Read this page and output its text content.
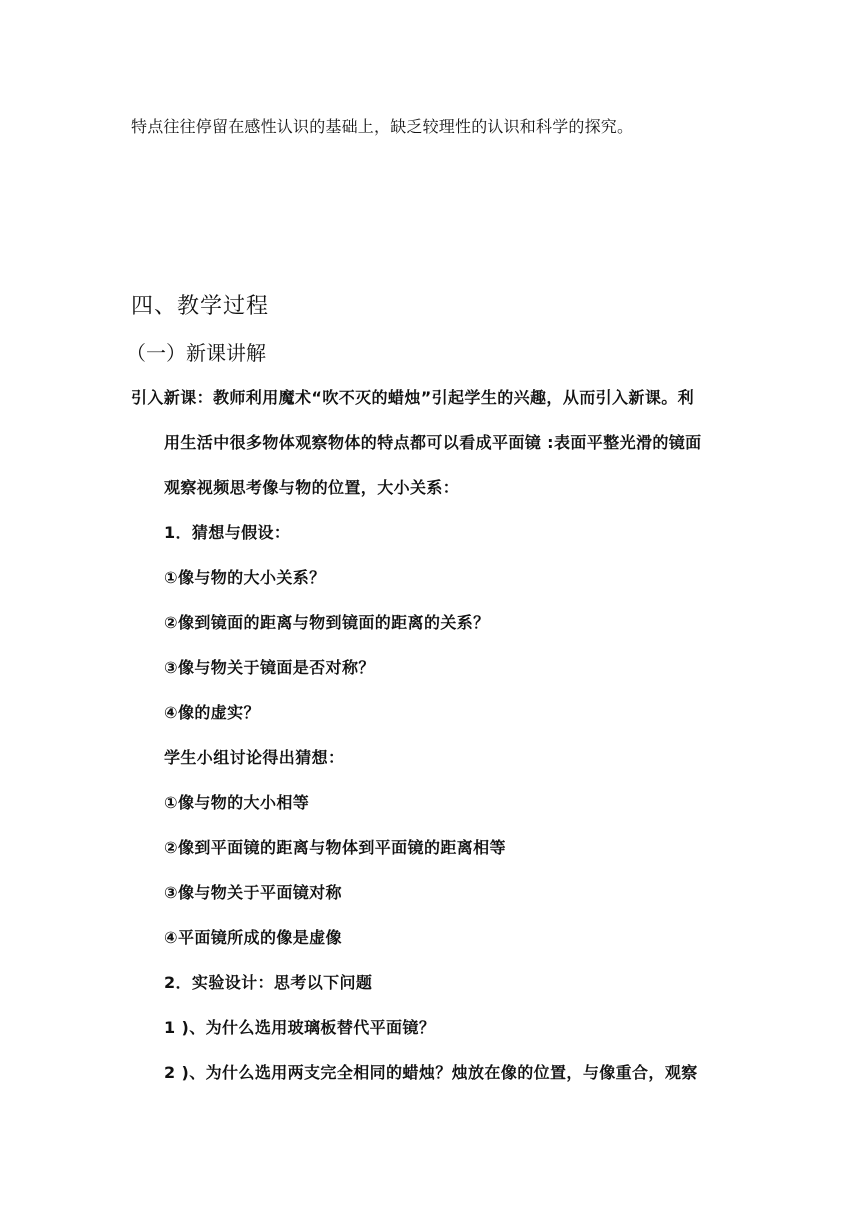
特点往往停留在感性认识的基础上，缺乏较理性的认识和科学的探究。
四、教学过程
（一）新课讲解
引入新课：教师利用魔术“吹不灭的蜡烛”引起学生的兴趣，从而引入新课。利
用生活中很多物体观察物体的特点都可以看成平面镜 :表面平整光滑的镜面
观察视频思考像与物的位置，大小关系：
1．猜想与假设：
①像与物的大小关系？
②像到镜面的距离与物到镜面的距离的关系？
③像与物关于镜面是否对称？
④像的虚实？
学生小组讨论得出猜想：
①像与物的大小相等
②像到平面镜的距离与物体到平面镜的距离相等
③像与物关于平面镜对称
④平面镜所成的像是虚像
2．实验设计：思考以下问题
1 )、为什么选用玻璃板替代平面镜？
2 )、为什么选用两支完全相同的蜡烛？烛放在像的位置，与像重合，观察
